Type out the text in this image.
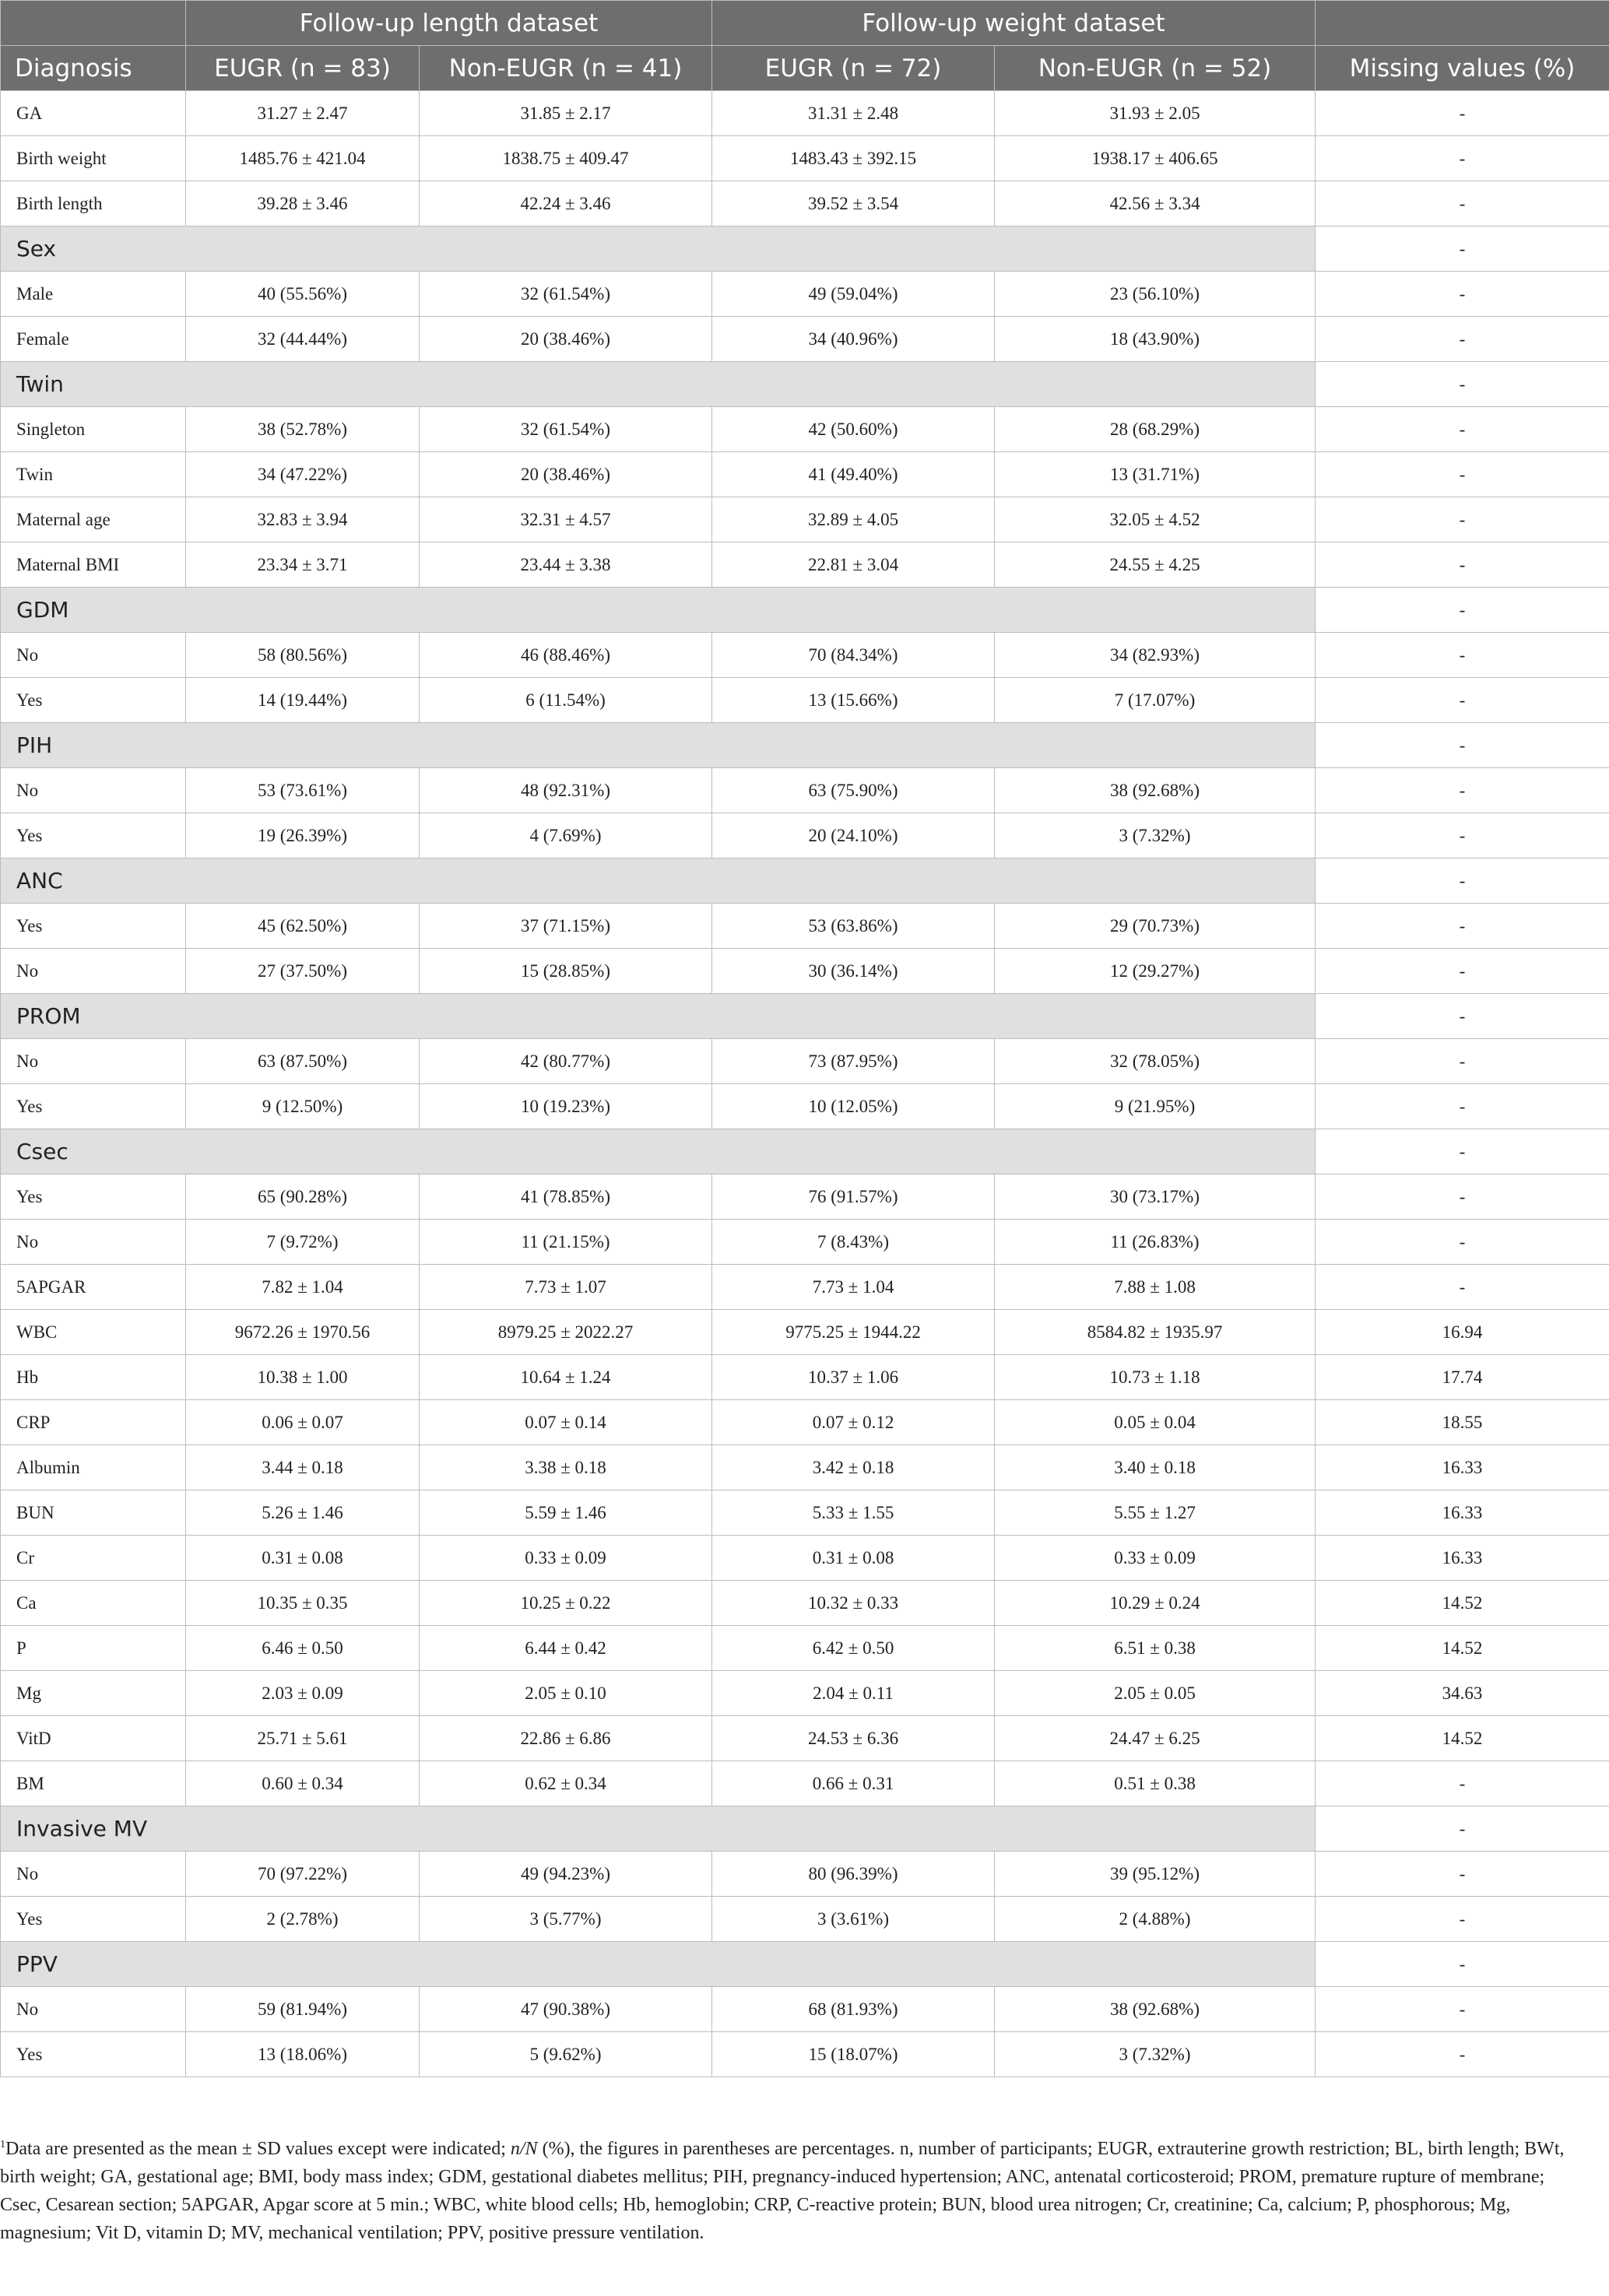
	Follow-up length dataset		Follow-up weight dataset		
Diagnosis	EUGR (n = 83)	Non-EUGR (n = 41)	EUGR (n = 72)	Non-EUGR (n = 52)	Missing values (%)
GA	31.27 ± 2.47	31.85 ± 2.17	31.31 ± 2.48	31.93 ± 2.05	-
Birth weight	1485.76 ± 421.04	1838.75 ± 409.47	1483.43 ± 392.15	1938.17 ± 406.65	-
Birth length	39.28 ± 3.46	42.24 ± 3.46	39.52 ± 3.54	42.56 ± 3.34	-
Sex					-
Male	40 (55.56%)	32 (61.54%)	49 (59.04%)	23 (56.10%)	-
Female	32 (44.44%)	20 (38.46%)	34 (40.96%)	18 (43.90%)	-
Twin					-
Singleton	38 (52.78%)	32 (61.54%)	42 (50.60%)	28 (68.29%)	-
Twin	34 (47.22%)	20 (38.46%)	41 (49.40%)	13 (31.71%)	-
Maternal age	32.83 ± 3.94	32.31 ± 4.57	32.89 ± 4.05	32.05 ± 4.52	-
Maternal BMI	23.34 ± 3.71	23.44 ± 3.38	22.81 ± 3.04	24.55 ± 4.25	-
GDM					-
No	58 (80.56%)	46 (88.46%)	70 (84.34%)	34 (82.93%)	-
Yes	14 (19.44%)	6 (11.54%)	13 (15.66%)	7 (17.07%)	-
PIH					-
No	53 (73.61%)	48 (92.31%)	63 (75.90%)	38 (92.68%)	-
Yes	19 (26.39%)	4 (7.69%)	20 (24.10%)	3 (7.32%)	-
ANC					-
Yes	45 (62.50%)	37 (71.15%)	53 (63.86%)	29 (70.73%)	-
No	27 (37.50%)	15 (28.85%)	30 (36.14%)	12 (29.27%)	-
PROM					-
No	63 (87.50%)	42 (80.77%)	73 (87.95%)	32 (78.05%)	-
Yes	9 (12.50%)	10 (19.23%)	10 (12.05%)	9 (21.95%)	-
Csec					-
Yes	65 (90.28%)	41 (78.85%)	76 (91.57%)	30 (73.17%)	-
No	7 (9.72%)	11 (21.15%)	7 (8.43%)	11 (26.83%)	-
5APGAR	7.82 ± 1.04	7.73 ± 1.07	7.73 ± 1.04	7.88 ± 1.08	-
WBC	9672.26 ± 1970.56	8979.25 ± 2022.27	9775.25 ± 1944.22	8584.82 ± 1935.97	16.94
Hb	10.38 ± 1.00	10.64 ± 1.24	10.37 ± 1.06	10.73 ± 1.18	17.74
CRP	0.06 ± 0.07	0.07 ± 0.14	0.07 ± 0.12	0.05 ± 0.04	18.55
Albumin	3.44 ± 0.18	3.38 ± 0.18	3.42 ± 0.18	3.40 ± 0.18	16.33
BUN	5.26 ± 1.46	5.59 ± 1.46	5.33 ± 1.55	5.55 ± 1.27	16.33
Cr	0.31 ± 0.08	0.33 ± 0.09	0.31 ± 0.08	0.33 ± 0.09	16.33
Ca	10.35 ± 0.35	10.25 ± 0.22	10.32 ± 0.33	10.29 ± 0.24	14.52
P	6.46 ± 0.50	6.44 ± 0.42	6.42 ± 0.50	6.51 ± 0.38	14.52
Mg	2.03 ± 0.09	2.05 ± 0.10	2.04 ± 0.11	2.05 ± 0.05	34.63
VitD	25.71 ± 5.61	22.86 ± 6.86	24.53 ± 6.36	24.47 ± 6.25	14.52
BM	0.60 ± 0.34	0.62 ± 0.34	0.66 ± 0.31	0.51 ± 0.38	-
Invasive MV					-
No	70 (97.22%)	49 (94.23%)	80 (96.39%)	39 (95.12%)	-
Yes	2 (2.78%)	3 (5.77%)	3 (3.61%)	2 (4.88%)	-
PPV					-
No	59 (81.94%)	47 (90.38%)	68 (81.93%)	38 (92.68%)	-
Yes	13 (18.06%)	5 (9.62%)	15 (18.07%)	3 (7.32%)	-
$^1$Data are presented as the mean ± SD values except were indicated; n/N (%), the figures in parentheses are percentages. n, number of participants; EUGR, extrauterine growth restriction; BL, birth length; BWt, birth weight; GA, gestational age; BMI, body mass index; GDM, gestational diabetes mellitus; PIH, pregnancy-induced hypertension; ANC, antenatal corticosteroid; PROM, premature rupture of membrane; Csec, Cesarean section; 5APGAR, Apgar score at 5 min.; WBC, white blood cells; Hb, hemoglobin; CRP, C-reactive protein; BUN, blood urea nitrogen; Cr, creatinine; Ca, calcium; P, phosphorous; Mg, magnesium; Vit D, vitamin D; MV, mechanical ventilation; PPV, positive pressure ventilation.
